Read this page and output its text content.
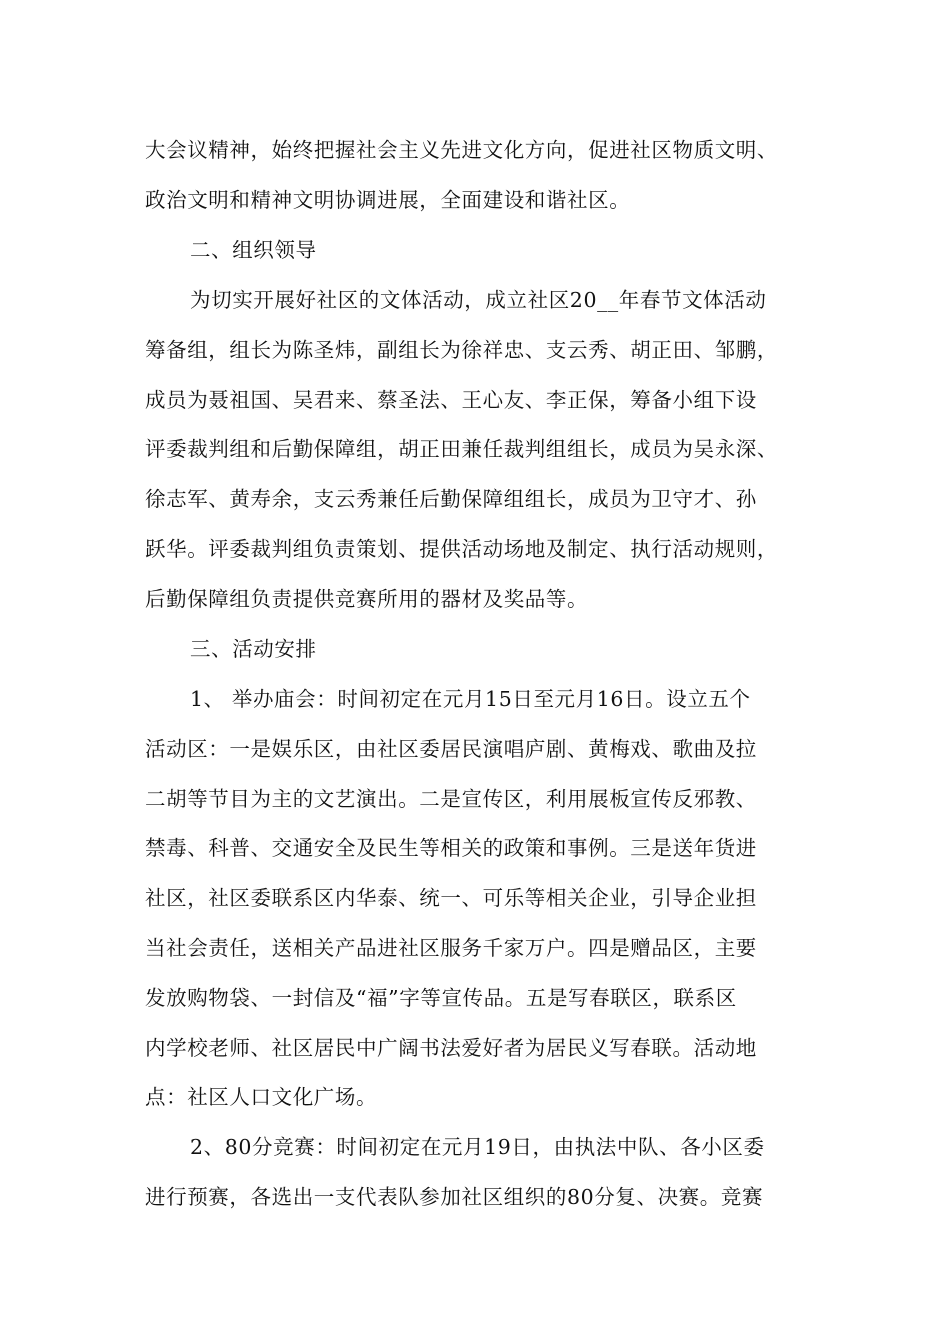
大会议精神，始终把握社会主义先进文化方向，促进社区物质文明、
政治文明和精神文明协调进展，全面建设和谐社区。
二、组织领导
为切实开展好社区的文体活动，成立社区20__年春节文体活动
筹备组，组长为陈圣炜，副组长为徐祥忠、支云秀、胡正田、邹鹏，
成员为聂祖国、吴君来、蔡圣法、王心友、李正保，筹备小组下设
评委裁判组和后勤保障组，胡正田兼任裁判组组长，成员为吴永深、
徐志军、黄寿余，支云秀兼任后勤保障组组长，成员为卫守才、孙
跃华。评委裁判组负责策划、提供活动场地及制定、执行活动规则，
后勤保障组负责提供竞赛所用的器材及奖品等。
三、活动安排
1、 举办庙会：时间初定在元月15日至元月16日。设立五个
活动区：一是娱乐区，由社区委居民演唱庐剧、黄梅戏、歌曲及拉
二胡等节目为主的文艺演出。二是宣传区，利用展板宣传反邪教、
禁毒、科普、交通安全及民生等相关的政策和事例。三是送年货进
社区，社区委联系区内华泰、统一、可乐等相关企业，引导企业担
当社会责任，送相关产品进社区服务千家万户。四是赠品区，主要
发放购物袋、一封信及“福”字等宣传品。五是写春联区，联系区
内学校老师、社区居民中广阔书法爱好者为居民义写春联。活动地
点：社区人口文化广场。
2、80分竞赛：时间初定在元月19日，由执法中队、各小区委
进行预赛，各选出一支代表队参加社区组织的80分复、决赛。竞赛
